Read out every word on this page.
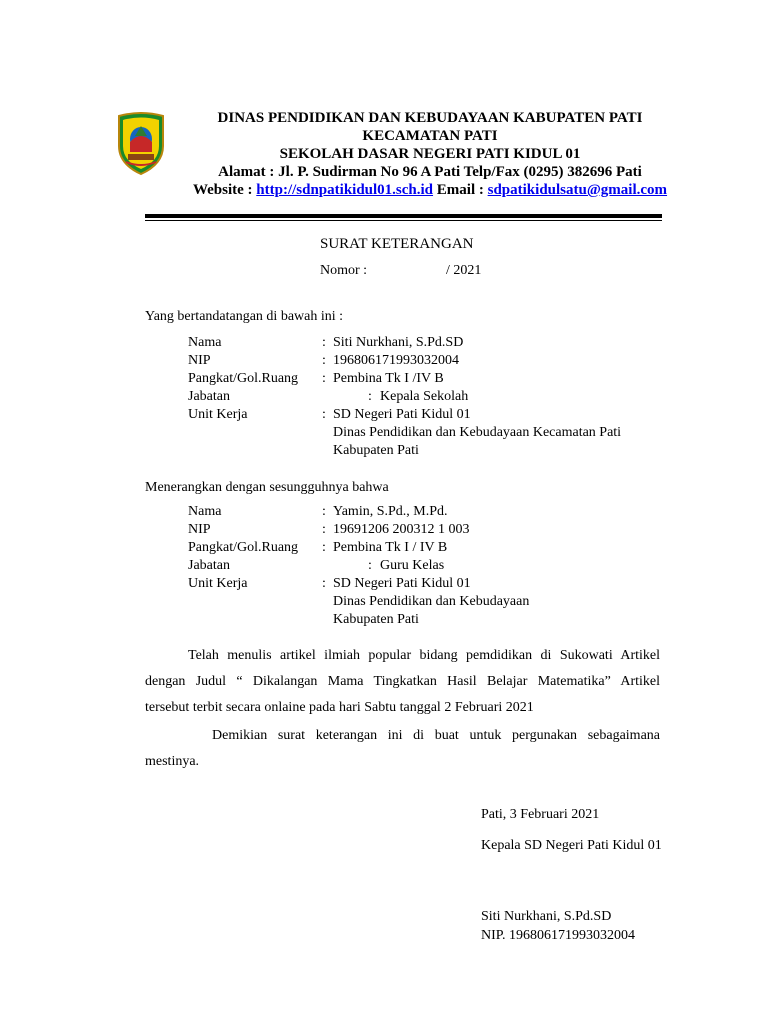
DINAS PENDIDIKAN DAN KEBUDAYAAN KABUPATEN PATI
KECAMATAN PATI
SEKOLAH DASAR NEGERI PATI KIDUL 01
Alamat : Jl. P. Sudirman No 96 A Pati Telp/Fax (0295) 382696 Pati
Website : http://sdnpatikidul01.sch.id Email : sdpatikidulsatu@gmail.com
SURAT KETERANGAN
Nomor :	/ 2021
Yang bertandatangan di bawah ini :
Nama	: Siti Nurkhani, S.Pd.SD
NIP	: 196806171993032004
Pangkat/Gol.Ruang : Pembina Tk I /IV B
Jabatan	: Kepala Sekolah
Unit Kerja	: SD Negeri Pati Kidul 01
Dinas Pendidikan dan Kebudayaan Kecamatan Pati
Kabupaten Pati
Menerangkan dengan sesungguhnya bahwa
Nama	: Yamin, S.Pd., M.Pd.
NIP	: 19691206 200312 1 003
Pangkat/Gol.Ruang : Pembina Tk I / IV B
Jabatan	: Guru Kelas
Unit Kerja	: SD Negeri Pati Kidul 01
Dinas Pendidikan dan Kebudayaan
Kabupaten Pati
Telah menulis artikel ilmiah popular bidang pemdidikan di Sukowati Artikel
dengan Judul “ Dikalangan Mama Tingkatkan Hasil Belajar Matematika” Artikel
tersebut terbit secara onlaine pada hari Sabtu tanggal 2 Februari 2021
Demikian surat keterangan ini di buat untuk pergunakan sebagaimana
mestinya.
Pati, 3 Februari 2021
Kepala SD Negeri Pati Kidul 01
Siti Nurkhani, S.Pd.SD
NIP. 196806171993032004
